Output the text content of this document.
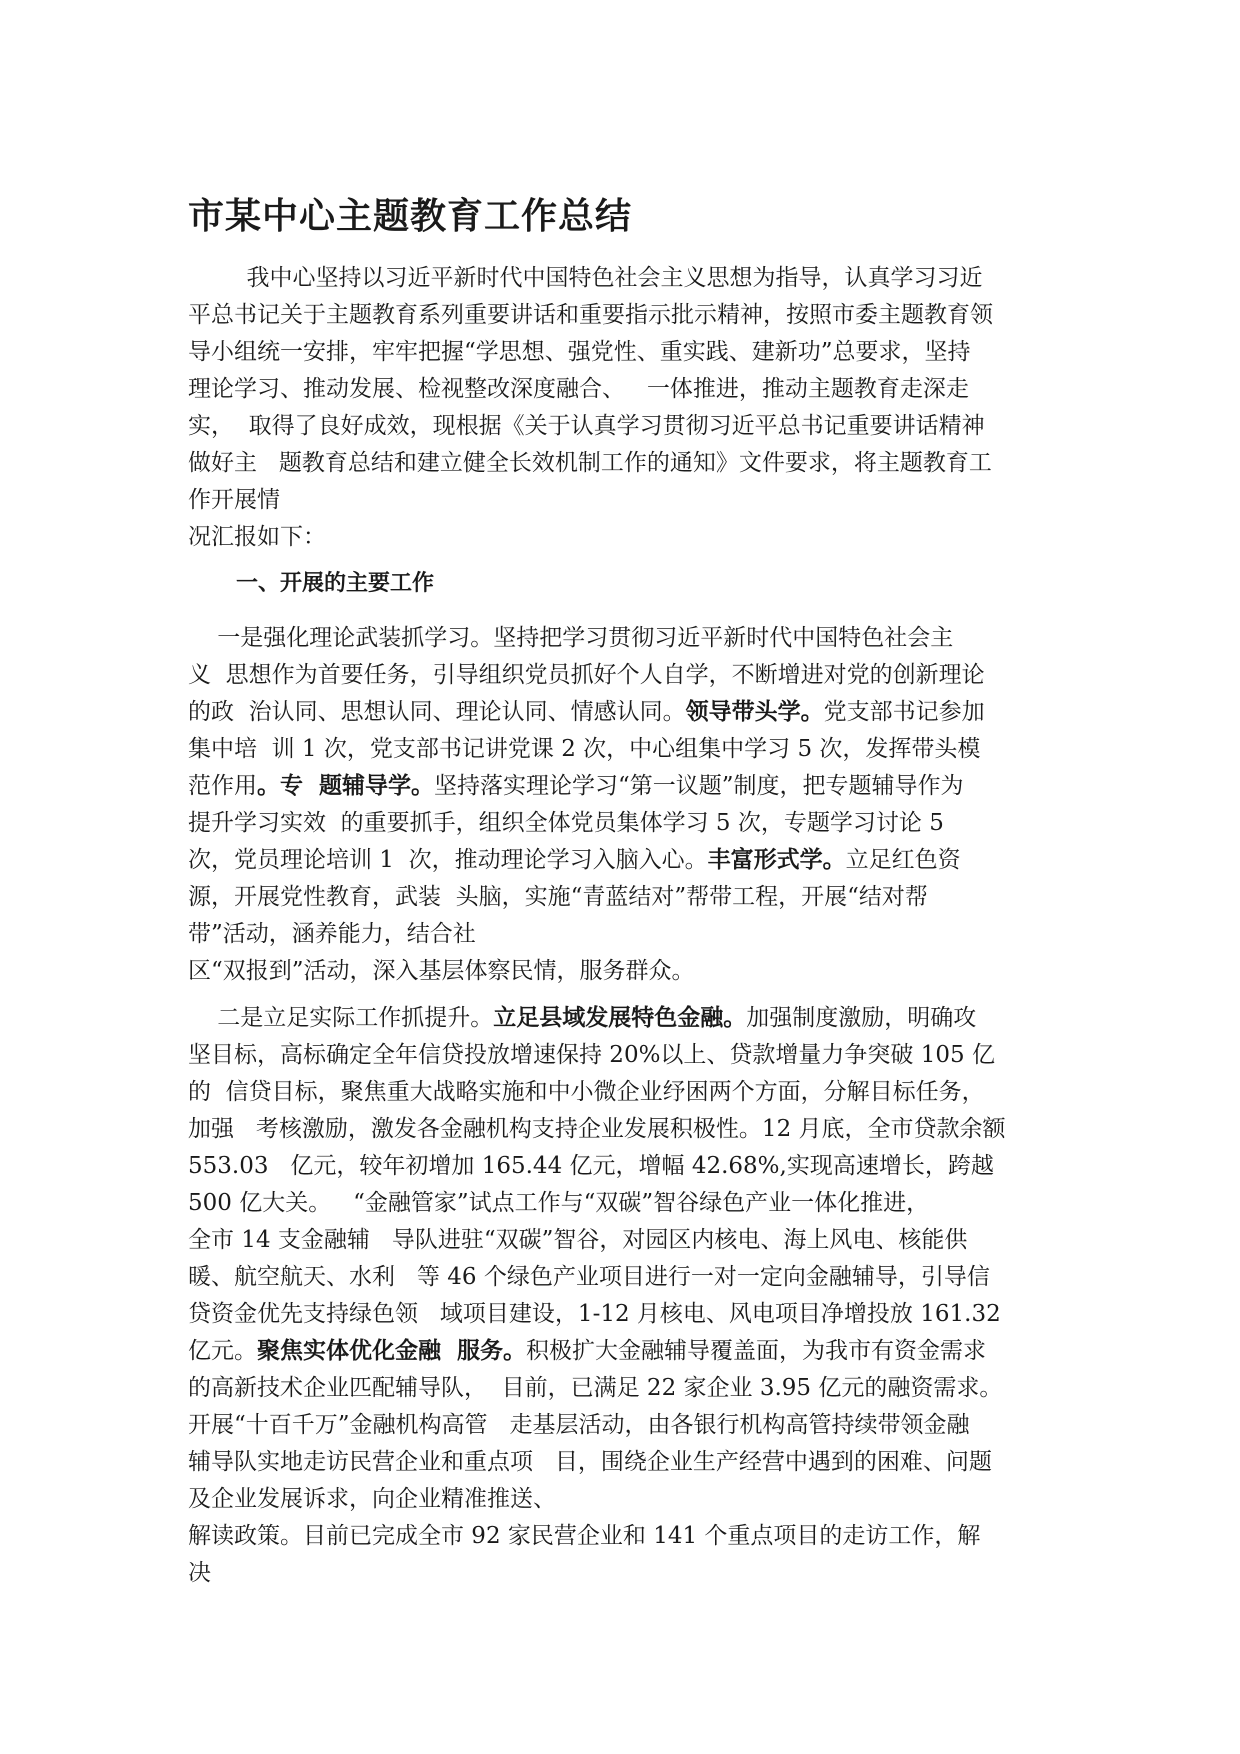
市某中心主题教育工作总结
我中心坚持以习近平新时代中国特色社会主义思想为指导，认真学习习近
平总书记关于主题教育系列重要讲话和重要指示批示精神，按照市委主题教育领
导小组统一安排，牢牢把握“学思想、强党性、重实践、建新功”总要求，坚持
理论学习、推动发展、检视整改深度融合、   一体推进，推动主题教育走深走
实，  取得了良好成效，现根据《关于认真学习贯彻习近平总书记重要讲话精神
做好主   题教育总结和建立健全长效机制工作的通知》文件要求，将主题教育工
作开展情
况汇报如下：
一、开展的主要工作
一是强化理论武装抓学习。坚持把学习贯彻习近平新时代中国特色社会主
义  思想作为首要任务，引导组织党员抓好个人自学，不断增进对党的创新理论
的政  治认同、思想认同、理论认同、情感认同。领导带头学。党支部书记参加
集中培  训 1 次，党支部书记讲党课 2 次，中心组集中学习 5 次，发挥带头模
范作用。专  题辅导学。坚持落实理论学习“第一议题”制度，把专题辅导作为
提升学习实效  的重要抓手，组织全体党员集体学习 5 次，专题学习讨论 5
次，党员理论培训 1  次，推动理论学习入脑入心。丰富形式学。立足红色资
源，开展党性教育，武装  头脑，实施“青蓝结对”帮带工程，开展“结对帮
带”活动，涵养能力，结合社
区“双报到”活动，深入基层体察民情，服务群众。
二是立足实际工作抓提升。立足县域发展特色金融。加强制度激励，明确攻
坚目标，高标确定全年信贷投放增速保持 20%以上、贷款增量力争突破 105 亿
的  信贷目标，聚焦重大战略实施和中小微企业纾困两个方面，分解目标任务，
加强   考核激励，激发各金融机构支持企业发展积极性。12 月底，全市贷款余额
553.03   亿元，较年初增加 165.44 亿元，增幅 42.68%,实现高速增长，跨越
500 亿大关。   “金融管家”试点工作与“双碳”智谷绿色产业一体化推进，
全市 14 支金融辅   导队进驻“双碳”智谷，对园区内核电、海上风电、核能供
暖、航空航天、水利   等 46 个绿色产业项目进行一对一定向金融辅导，引导信
贷资金优先支持绿色领   域项目建设，1-12 月核电、风电项目净增投放 161.32
亿元。聚焦实体优化金融  服务。积极扩大金融辅导覆盖面，为我市有资金需求
的高新技术企业匹配辅导队，  目前，已满足 22 家企业 3.95 亿元的融资需求。
开展“十百千万”金融机构高管   走基层活动，由各银行机构高管持续带领金融
辅导队实地走访民营企业和重点项   目，围绕企业生产经营中遇到的困难、问题
及企业发展诉求，向企业精准推送、
解读政策。目前已完成全市 92 家民营企业和 141 个重点项目的走访工作，解
决
